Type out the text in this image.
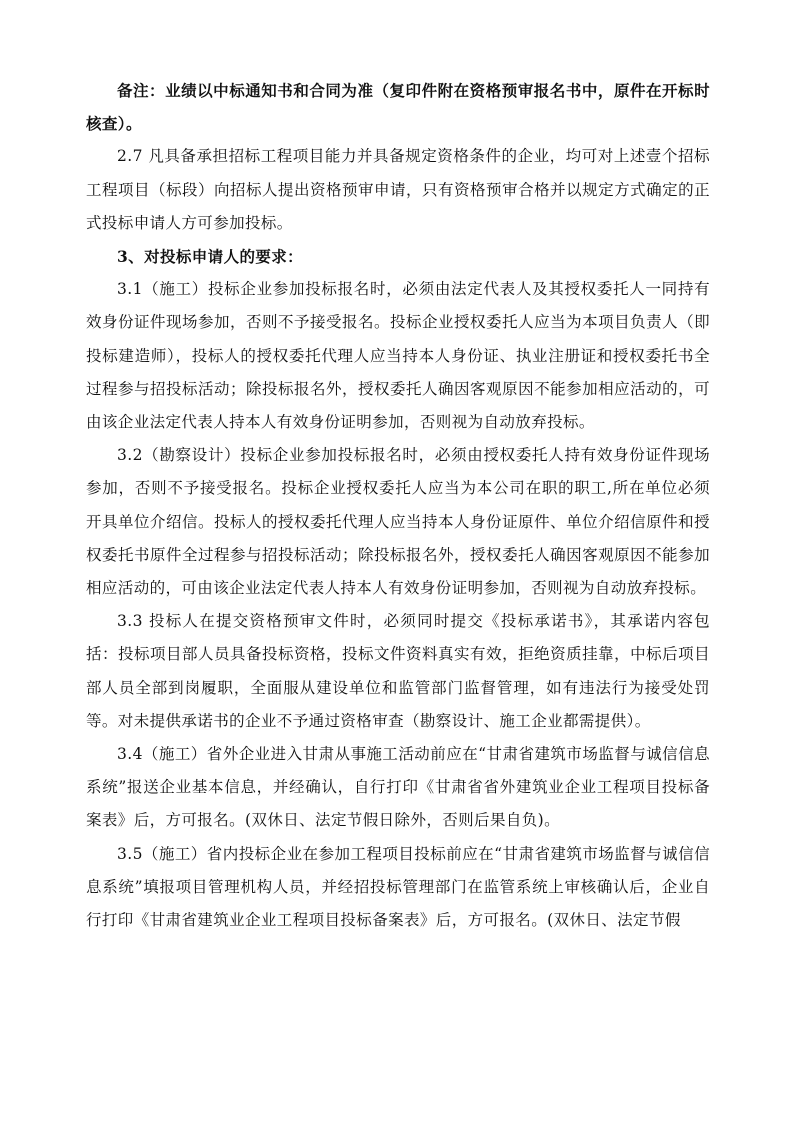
备注：业绩以中标通知书和合同为准（复印件附在资格预审报名书中，原件在开标时核查）。

2.7 凡具备承担招标工程项目能力并具备规定资格条件的企业，均可对上述壹个招标工程项目（标段）向招标人提出资格预审申请，只有资格预审合格并以规定方式确定的正式投标申请人方可参加投标。

3、对投标申请人的要求：

3.1（施工）投标企业参加投标报名时，必须由法定代表人及其授权委托人一同持有效身份证件现场参加，否则不予接受报名。投标企业授权委托人应当为本项目负责人（即投标建造师），投标人的授权委托代理人应当持本人身份证、执业注册证和授权委托书全过程参与招投标活动；除投标报名外，授权委托人确因客观原因不能参加相应活动的，可由该企业法定代表人持本人有效身份证明参加，否则视为自动放弃投标。

3.2（勘察设计）投标企业参加投标报名时，必须由授权委托人持有效身份证件现场参加，否则不予接受报名。投标企业授权委托人应当为本公司在职的职工,所在单位必须开具单位介绍信。投标人的授权委托代理人应当持本人身份证原件、单位介绍信原件和授权委托书原件全过程参与招投标活动；除投标报名外，授权委托人确因客观原因不能参加相应活动的，可由该企业法定代表人持本人有效身份证明参加，否则视为自动放弃投标。

3.3 投标人在提交资格预审文件时，必须同时提交《投标承诺书》，其承诺内容包括：投标项目部人员具备投标资格，投标文件资料真实有效，拒绝资质挂靠，中标后项目部人员全部到岗履职，全面服从建设单位和监管部门监督管理，如有违法行为接受处罚等。对未提供承诺书的企业不予通过资格审查（勘察设计、施工企业都需提供）。

3.4（施工）省外企业进入甘肃从事施工活动前应在“甘肃省建筑市场监督与诚信信息系统”报送企业基本信息，并经确认，自行打印《甘肃省省外建筑业企业工程项目投标备案表》后，方可报名。(双休日、法定节假日除外，否则后果自负)。

3.5（施工）省内投标企业在参加工程项目投标前应在“甘肃省建筑市场监督与诚信信息系统”填报项目管理机构人员，并经招投标管理部门在监管系统上审核确认后，企业自行打印《甘肃省建筑业企业工程项目投标备案表》后，方可报名。(双休日、法定节假
